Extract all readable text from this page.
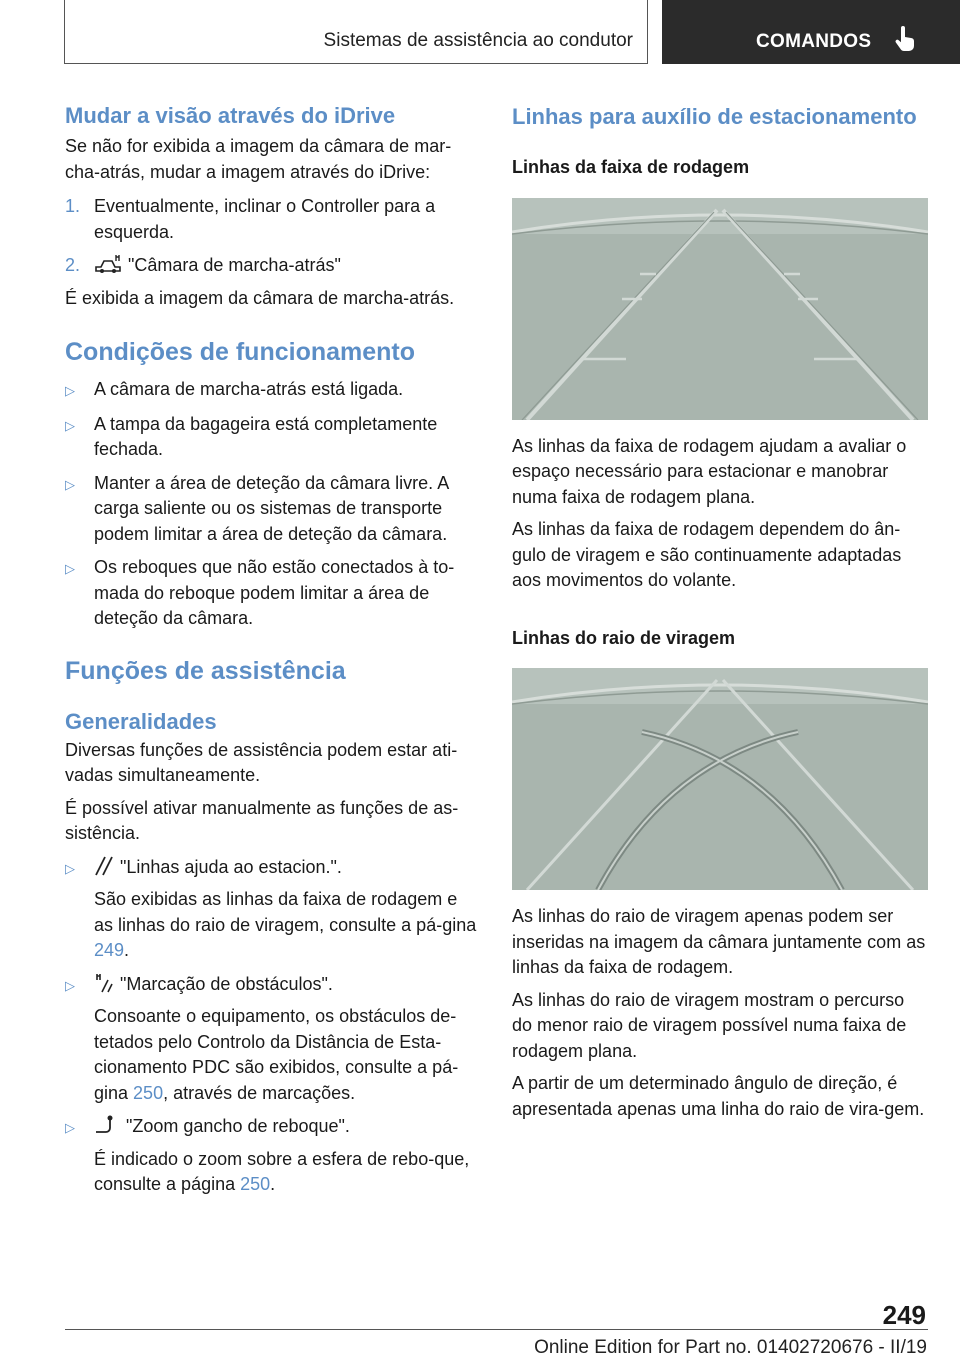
Sistemas de assistência ao condutor	COMANDOS
Mudar a visão através do iDrive

Se não for exibida a imagem da câmara de mar-cha-atrás, mudar a imagem através do iDrive:

1. Eventualmente, inclinar o Controller para a esquerda.
2.	"Câmara de marcha-atrás"

É exibida a imagem da câmara de marcha-atrás.

Condições de funcionamento
▷	A câmara de marcha-atrás está ligada.
▷	A tampa da bagageira está completamente fechada.
▷	Manter a área de deteção da câmara livre. A carga saliente ou os sistemas de transporte podem limitar a área de deteção da câmara.
▷	Os reboques que não estão conectados à to-mada do reboque podem limitar a área de deteção da câmara.
Funções de assistência
Generalidades

Diversas funções de assistência podem estar ati-vadas simultaneamente.

É possível ativar manualmente as funções de as-sistência.

▷	"Linhas ajuda ao estacion.".
São exibidas as linhas da faixa de rodagem e as linhas do raio de viragem, consulte a pá-gina 249.
▷	"Marcação de obstáculos".
Consoante o equipamento, os obstáculos de-tetados pelo Controlo da Distância de Esta-cionamento PDC são exibidos, consulte a pá-gina 250, através de marcações.
▷	"Zoom gancho de reboque".
É indicado o zoom sobre a esfera de rebo-que, consulte a página 250.
Linhas para auxílio de estacionamento
Linhas da faixa de rodagem

As linhas da faixa de rodagem ajudam a avaliar o espaço necessário para estacionar e manobrar numa faixa de rodagem plana.

As linhas da faixa de rodagem dependem do ân-gulo de viragem e são continuamente adaptadas aos movimentos do volante.

Linhas do raio de viragem

As linhas do raio de viragem apenas podem ser inseridas na imagem da câmara juntamente com as linhas da faixa de rodagem.

As linhas do raio de viragem mostram o percurso do menor raio de viragem possível numa faixa de rodagem plana.

A partir de um determinado ângulo de direção, é apresentada apenas uma linha do raio de vira-gem.

249
Online Edition for Part no. 01402720676 - II/19
